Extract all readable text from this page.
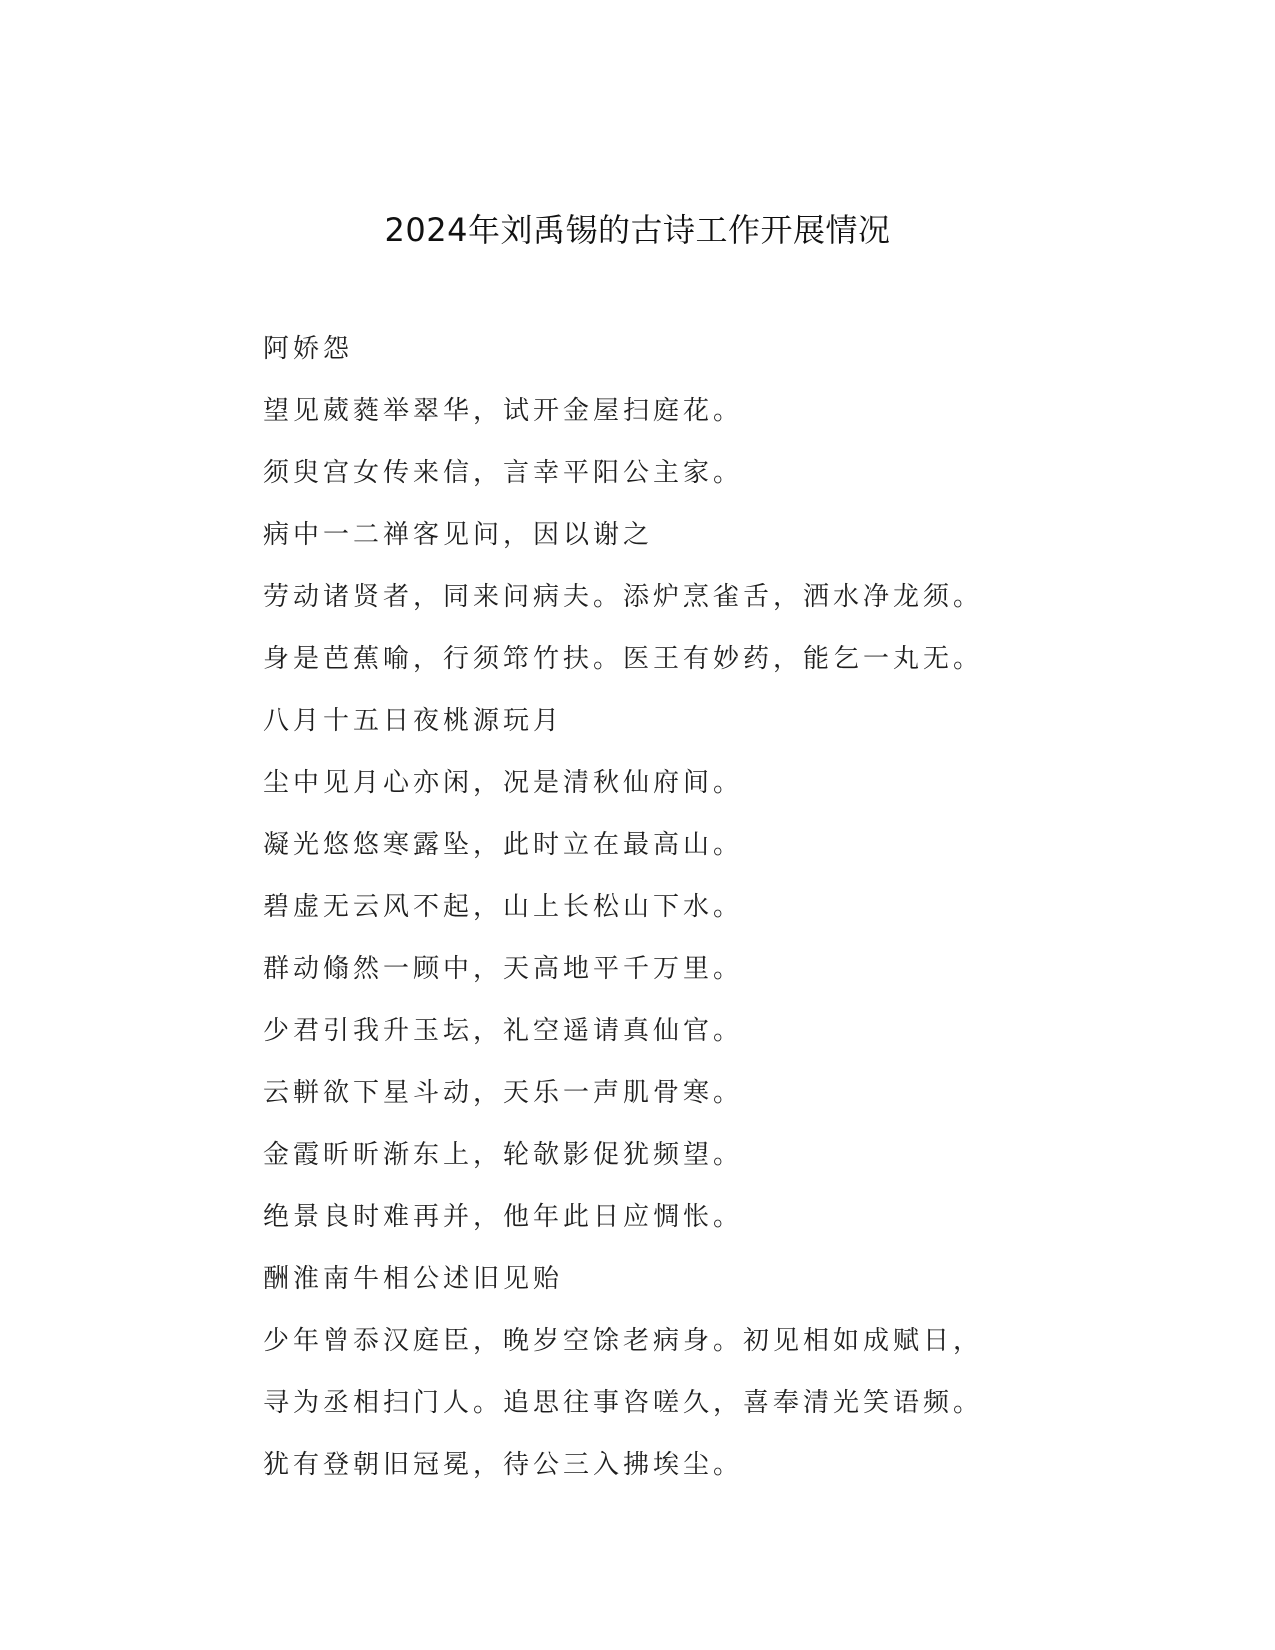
2024年刘禹锡的古诗工作开展情况
阿娇怨
望见葳蕤举翠华，试开金屋扫庭花。
须臾宫女传来信，言幸平阳公主家。
病中一二禅客见问，因以谢之
劳动诸贤者，同来问病夫。添炉烹雀舌，洒水净龙须。
身是芭蕉喻，行须筇竹扶。医王有妙药，能乞一丸无。
八月十五日夜桃源玩月
尘中见月心亦闲，况是清秋仙府间。
凝光悠悠寒露坠，此时立在最高山。
碧虚无云风不起，山上长松山下水。
群动翛然一顾中，天高地平千万里。
少君引我升玉坛，礼空遥请真仙官。
云軿欲下星斗动，天乐一声肌骨寒。
金霞昕昕渐东上，轮欹影促犹频望。
绝景良时难再并，他年此日应惆怅。
酬淮南牛相公述旧见贻
少年曾忝汉庭臣，晚岁空馀老病身。初见相如成赋日，
寻为丞相扫门人。追思往事咨嗟久，喜奉清光笑语频。
犹有登朝旧冠冕，待公三入拂埃尘。
